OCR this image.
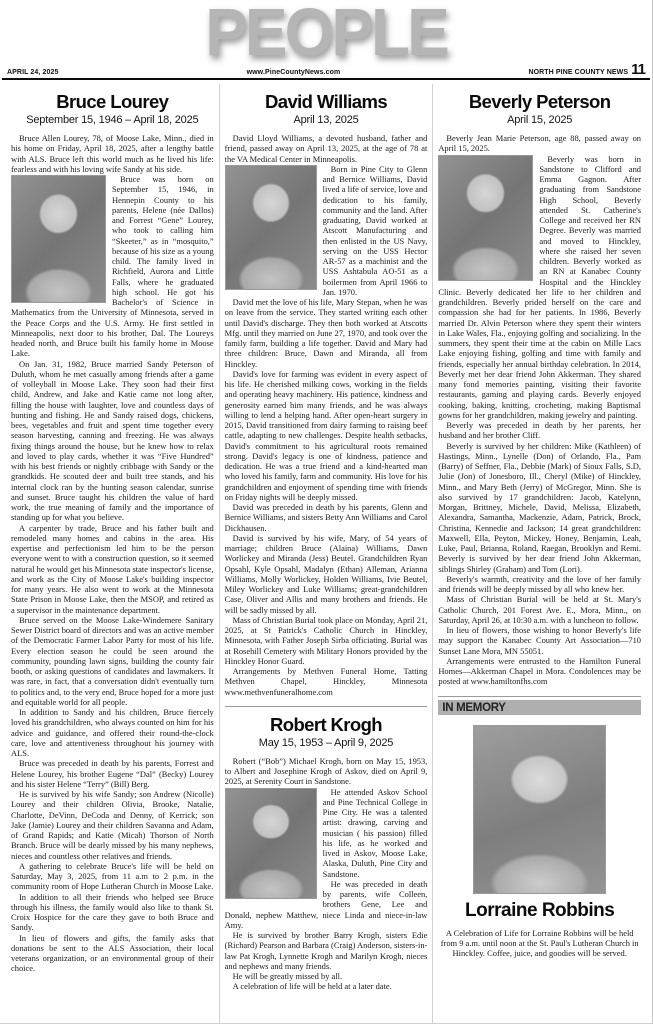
PEOPLE
APRIL 24, 2025	www.PineCountyNews.com	NORTH PINE COUNTY NEWS 11
Bruce Lourey
September 15, 1946 – April 18, 2025

Bruce Allen Lourey, 78, of Moose Lake, Minn., died in his home on Friday, April 18, 2025, after a lengthy battle with ALS. Bruce left this world much as he lived his life: fearless and with his loving wife Sandy at his side.

Bruce was born on September 15, 1946, in Hennepin County to his parents, Helene (née Dallos) and Forrest “Gene” Lourey, who took to calling him “Skeeter,” as in “mosquito,” because of his size as a young child. The family lived in Richfield, Aurora and Little Falls, where he graduated high school. He got his Bachelor's of Science in Mathematics from the University of Minnesota, served in the Peace Corps and the U.S. Army. He first settled in Minneapolis, next door to his brother, Dal. The Loureys headed north, and Bruce built his family home in Moose Lake.

On Jan. 31, 1982, Bruce married Sandy Peterson of Duluth, whom he met casually among friends after a game of volleyball in Moose Lake. They soon had their first child, Andrew, and Jake and Katie came not long after, filling the house with laughter, love and countless days of hunting and fishing. He and Sandy raised dogs, chickens, bees, vegetables and fruit and spent time together every season harvesting, canning and freezing. He was always fixing things around the house, but he knew how to relax and loved to play cards, whether it was “Five Hundred” with his best friends or nightly cribbage with Sandy or the grandkids. He scouted deer and built tree stands, and his internal clock ran by the hunting season calendar, sunrise and sunset. Bruce taught his children the value of hard work, the true meaning of family and the importance of standing up for what you believe.

A carpenter by trade, Bruce and his father built and remodeled many homes and cabins in the area. His expertise and perfectionism led him to be the person everyone went to with a construction question, so it seemed natural he would get his Minnesota state inspector's license, and work as the City of Moose Lake's building inspector for many years. He also went to work at the Minnesota State Prison in Moose Lake, then the MSOP, and retired as a supervisor in the maintenance department.

Bruce served on the Moose Lake-Windemere Sanitary Sewer District board of directors and was an active member of the Democratic Farmer Labor Party for most of his life. Every election season he could be seen around the community, pounding lawn signs, building the county fair booth, or asking questions of candidates and lawmakers. It was rare, in fact, that a conversation didn't eventually turn to politics and, to the very end, Bruce hoped for a more just and equitable world for all people.

In addition to Sandy and his children, Bruce fiercely loved his grandchildren, who always counted on him for his advice and guidance, and offered their round-the-clock care, love and attentiveness throughout his journey with ALS.

Bruce was preceded in death by his parents, Forrest and Helene Lourey, his brother Eugene “Dal” (Becky) Lourey and his sister Helene “Terry” (Bill) Berg.

He is survived by his wife Sandy; son Andrew (Nicolle) Lourey and their children Olivia, Brooke, Natalie, Charlotte, DeVinn, DeCoda and Denny, of Kerrick; son Jake (Jamie) Lourey and their children Savanna and Adam, of Grand Rapids; and Katie (Micah) Thorson of North Branch. Bruce will be dearly missed by his many nephews, nieces and countless other relatives and friends.

A gathering to celebrate Bruce's life will be held on Saturday, May 3, 2025, from 11 a.m to 2 p.m. in the community room of Hope Lutheran Church in Moose Lake.

In addition to all their friends who helped see Bruce through his illness, the family would also like to thank St. Croix Hospice for the care they gave to both Bruce and Sandy.

In lieu of flowers and gifts, the family asks that donations be sent to the ALS Association, their local veterans organization, or an environmental group of their choice.

David Williams
April 13, 2025

David Lloyd Williams, a devoted husband, father and friend, passed away on April 13, 2025, at the age of 78 at the VA Medical Center in Minneapolis.

Born in Pine City to Glenn and Bernice Williams, David lived a life of service, love and dedication to his family, community and the land. After graduating, David worked at Atscott Manufacturing and then enlisted in the US Navy, serving on the USS Hector AR-57 as a machinist and the USS Ashtabula AO-51 as a boilermen from April 1966 to Jan. 1970.

David met the love of his life, Mary Stepan, when he was on leave from the service. They started writing each other until David's discharge. They then both worked at Atscotts Mfg. until they married on June 27, 1970, and took over the family farm, building a life together. David and Mary had three children: Bruce, Dawn and Miranda, all from Hinckley.

David's love for farming was evident in every aspect of his life. He cherished milking cows, working in the fields and operating heavy machinery. His patience, kindness and generosity earned him many friends, and he was always willing to lend a helping hand. After open-heart surgery in 2015, David transitioned from dairy farming to raising beef cattle, adapting to new challenges. Despite health setbacks, David's commitment to his agricultural roots remained strong. David's legacy is one of kindness, patience and dedication. He was a true friend and a kind-hearted man who loved his family, farm and community. His love for his grandchildren and enjoyment of spending time with friends on Friday nights will be deeply missed.

David was preceded in death by his parents, Glenn and Bernice Williams, and sisters Betty Ann Williams and Carol Dickhausen.

David is survived by his wife, Mary, of 54 years of marriage; children Bruce (Alaina) Williams, Dawn Worlickey and Miranda (Jess) Beutel. Grandchildren Ryan Opsahl, Kyle Opsahl, Madalyn (Ethan) Alleman, Arianna Williams, Molly Worlickey, Holden Williams, Ivie Beutel, Miley Worlickey and Luke Williams; great-grandchildren Case, Oliver and Allis and many brothers and friends. He will be sadly missed by all.

Mass of Christian Burial took place on Monday, April 21, 2025, at St Patrick's Catholic Church in Hinckley, Minnesota, with Father Joseph Sirba officiating. Burial was at Rosehill Cemetery with Military Honors provided by the Hinckley Honor Guard.

Arrangements by Methven Funeral Home, Tatting Methven Chapel, Hinckley, Minnesota www.methvenfuneralhome.com

Robert Krogh
May 15, 1953 – April 9, 2025

Robert (“Bob”) Michael Krogh, born on May 15, 1953, to Albert and Josephine Krogh of Askov, died on April 9, 2025, at Serenity Court in Sandstone.

He attended Askov School and Pine Technical College in Pine City. He was a talented artist: drawing, carving and musician ( his passion) filled his life, as he worked and lived in Askov, Moose Lake, Alaska, Duluth, Pine City and Sandstone.

He was preceded in death by parents, wife Colleen, brothers Gene, Lee and Donald, nephew Matthew, niece Linda and niece-in-law Amy.

He is survived by brother Barry Krogh, sisters Edie (Richard) Pearson and Barbara (Craig) Anderson, sisters-in-law Pat Krogh, Lynnette Krogh and Marilyn Krogh, nieces and nephews and many friends.

He will be greatly missed by all.

A celebration of life will be held at a later date.

Beverly Peterson
April 15, 2025

Beverly Jean Marie Peterson, age 88, passed away on April 15, 2025.

Beverly was born in Sandstone to Clifford and Emma Gagnon. After graduating from Sandstone High School, Beverly attended St. Catherine's College and received her RN Degree. Beverly was married and moved to Hinckley, where she raised her seven children. Beverly worked as an RN at Kanabec County Hospital and the Hinckley Clinic. Beverly dedicated her life to her children and grandchildren. Beverly prided herself on the care and compassion she had for her patients. In 1986, Beverly married Dr. Alvin Peterson where they spent their winters in Lake Wales, Fla., enjoying golfing and socializing. In the summers, they spent their time at the cabin on Mille Lacs Lake enjoying fishing, golfing and time with family and friends, especially her annual birthday celebration. In 2014, Beverly met her dear friend John Akkerman. They shared many fond memories painting, visiting their favorite restaurants, gaming and playing cards. Beverly enjoyed cooking, baking, knitting, crocheting, making Baptismal gowns for her grandchildren, making jewelry and painting.

Beverly was preceded in death by her parents, her husband and her brother Cliff.

Beverly is survived by her children: Mike (Kathleen) of Hastings, Minn., Lynelle (Don) of Orlando, Fla., Pam (Barry) of Seffner, Fla., Debbie (Mark) of Sioux Falls, S.D, Julie (Jon) of Jonesboro, Ill., Cheryl (Mike) of Hinckley, Minn., and Mary Beth (Jerry) of McGregor, Minn. She is also survived by 17 grandchildren: Jacob, Katelynn, Morgan, Brittney, Michele, David, Melissa, Elizabeth, Alexandra, Samantha, Mackenzie, Adam, Patrick, Brock, Christina, Kennedie and Jackson; 14 great grandchildren: Maxwell, Ella, Peyton, Mickey, Honey, Benjamin, Leah, Luke, Paul, Brianna, Roland, Raegan, Brooklyn and Remi. Beverly is survived by her dear friend John Akkerman, siblings Shirley (Graham) and Tom (Lori).

Beverly's warmth, creativity and the love of her family and friends will be deeply missed by all who knew her.

Mass of Christian Burial will be held at St. Mary's Catholic Church, 201 Forest Ave. E., Mora, Minn., on Saturday, April 26, at 10:30 a.m. with a luncheon to follow.

In lieu of flowers, those wishing to honor Beverly's life may support the Kanabec County Art Association—710 Sunset Lane Mora, MN 55051.

Arrangements were entrusted to the Hamilton Funeral Homes—Akkerman Chapel in Mora. Condolences may be posted at www.hamiltonfhs.com

IN MEMORY
Lorraine Robbins

A Celebration of Life for Lorraine Robbins will be held from 9 a.m. until noon at the St. Paul's Lutheran Church in Hinckley. Coffee, juice, and goodies will be served.
